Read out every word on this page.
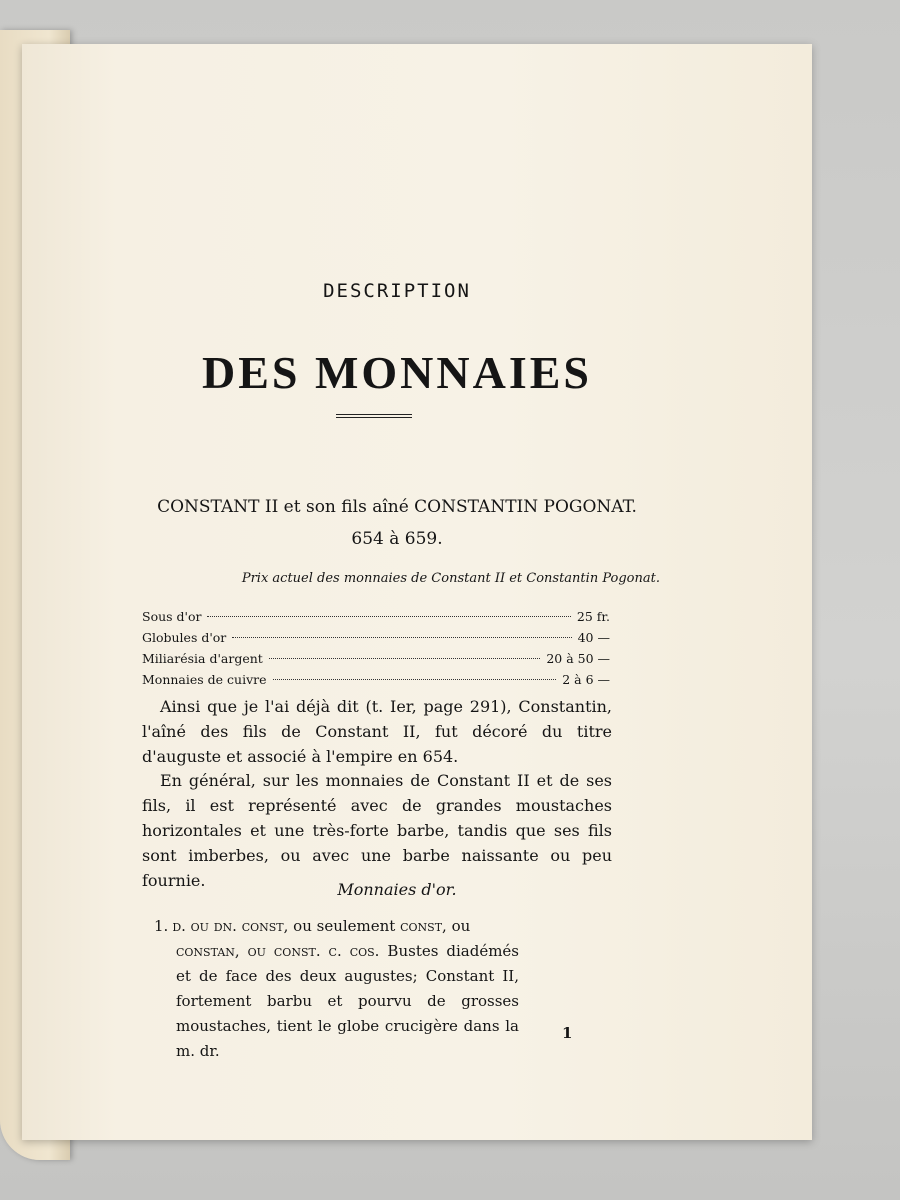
DESCRIPTION
DES MONNAIES
CONSTANT II et son fils aîné CONSTANTIN POGONAT.
654 à 659.
Prix actuel des monnaies de Constant II et Constantin Pogonat.
Sous d'or	25 fr.
Globules d'or	40 —
Miliarésia d'argent	20 à 50 —
Monnaies de cuivre	2 à 6 —
Ainsi que je l'ai déjà dit (t. Ier, page 291), Constantin, l'aîné des fils de Constant II, fut décoré du titre d'auguste et associé à l'empire en 654.
En général, sur les monnaies de Constant II et de ses fils, il est représenté avec de grandes moustaches horizontales et une très-forte barbe, tandis que ses fils sont imberbes, ou avec une barbe naissante ou peu fournie.	Monnaies d'or.
1. d. ou dn. const, ou seulement const, ou
constan, ou const. c. cos. Bustes diadémés et de face des deux augustes; Constant II, fortement barbu et pourvu de grosses moustaches, tient le globe crucigère dans la m. dr.
1
